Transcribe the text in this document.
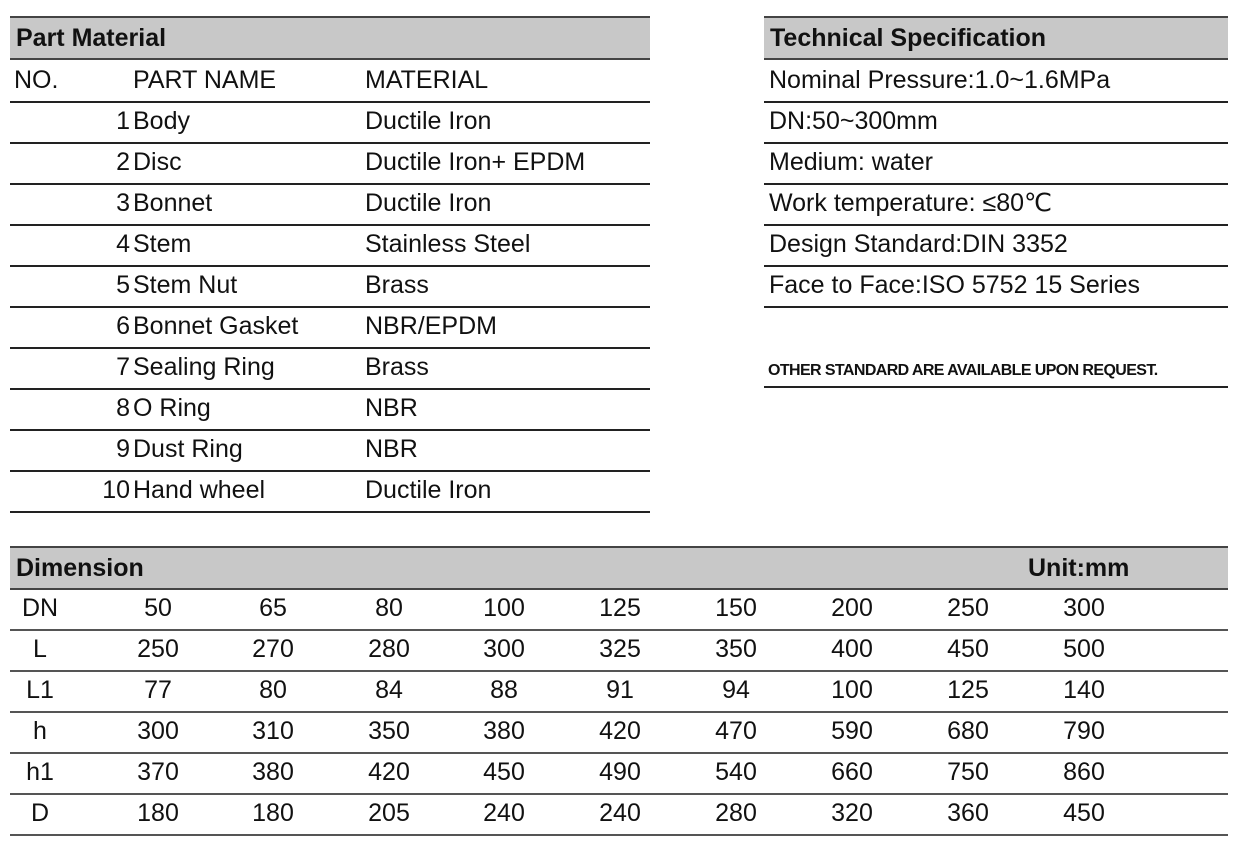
Part Material
NO.	PART NAME	MATERIAL
1 Body	Ductile Iron
2 Disc	Ductile Iron+ EPDM
3 Bonnet	Ductile Iron
4 Stem	Stainless Steel
5 Stem Nut	Brass
6 Bonnet Gasket	NBR/EPDM
7 Sealing Ring	Brass
8 O Ring	NBR
9 Dust Ring	NBR
10 Hand wheel	Ductile Iron
Technical Specification
Nominal Pressure:1.0~1.6MPa
DN:50~300mm
Medium: water
Work temperature: ≤80℃
Design Standard:DIN 3352
Face to Face:ISO 5752 15 Series
OTHER STANDARD ARE AVAILABLE UPON REQUEST.
Dimension	Unit:mm
DN	50	65	80	100	125	150	200	250	300
L	250	270	280	300	325	350	400	450	500
L1	77	80	84	88	91	94	100	125	140
h	300	310	350	380	420	470	590	680	790
h1	370	380	420	450	490	540	660	750	860
D	180	180	205	240	240	280	320	360	450
